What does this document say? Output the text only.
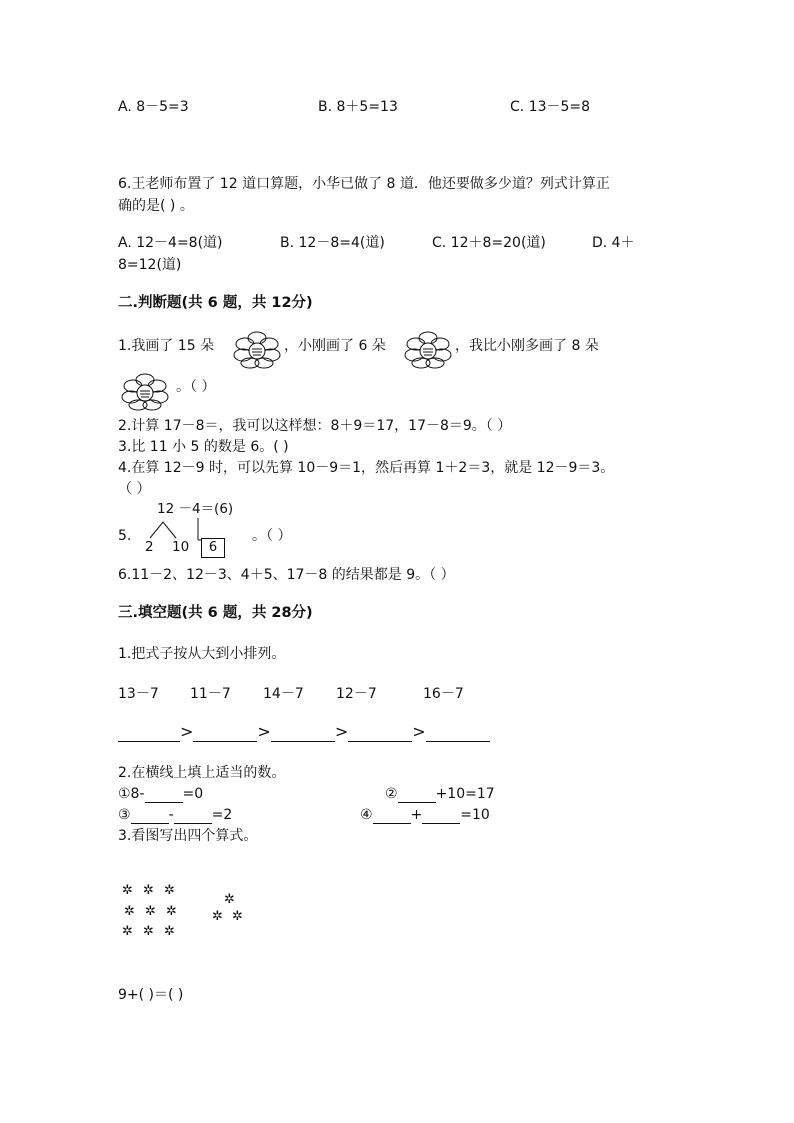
A. 8－5=3	B. 8＋5=13	C. 13－5=8
6.王老师布置了 12 道口算题，小华已做了 8 道．他还要做多少道？列式计算正
确的是( ) 。
A. 12－4=8(道)	B. 12－8=4(道)	C. 12＋8=20(道)	D. 4＋
8=12(道)
二.判断题(共 6 题，共 12分)
1.我画了 15 朵	，小刚画了 6 朵	，我比小刚多画了 8 朵
。（ ）
2.计算 17－8＝，我可以这样想：8＋9＝17，17－8＝9。（ ）
3.比 11 小 5 的数是 6。( )
4.在算 12－9 时，可以先算 10－9＝1，然后再算 1＋2＝3，就是 12－9＝3。
（ ）
5.
12 －4＝(6)
2 10	6
。（ ）
6.11－2、12－3、4＋5、17－8 的结果都是 9。（ ）
三.填空题(共 6 题，共 28分)
1.把式子按从大到小排列。
13－7 11－7 14－7 12－7	16－7
>	>	>	>
2.在横线上填上适当的数。
①8-	=0	②	+10=17
③	-	=2	④	+	=10
3.看图写出四个算式。
✲ ✲ ✲
✲ ✲ ✲
✲ ✲ ✲
✲
✲ ✲
9+( )＝( )
